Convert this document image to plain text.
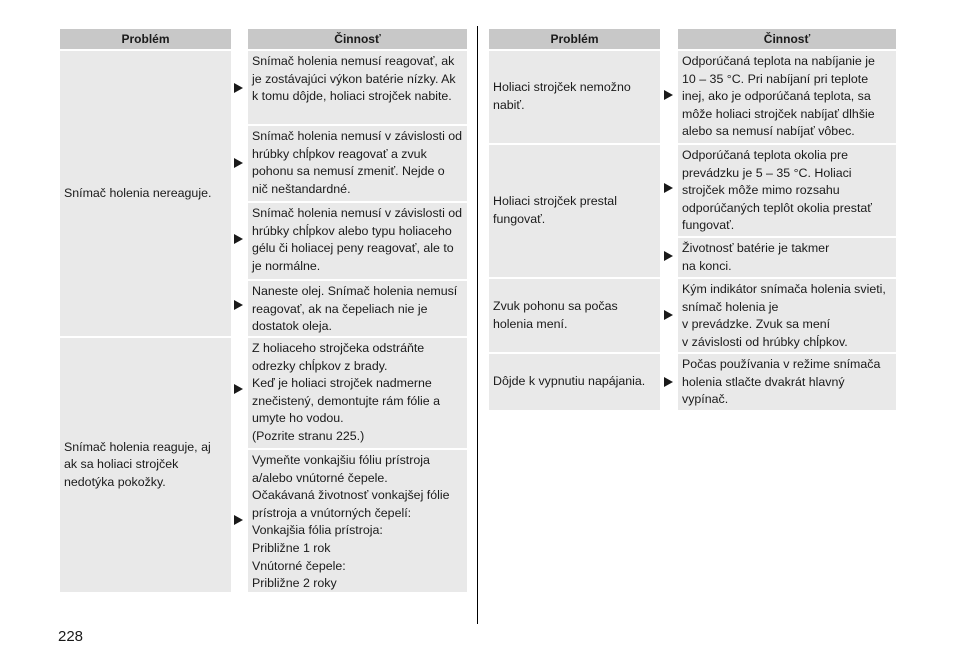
Problém	Činnosť
Snímač holenia nereaguje.
Snímač holenia reaguje, aj ak sa holiaci strojček nedotýka pokožky.
Snímač holenia nemusí reagovať, ak je zostávajúci výkon batérie nízky. Ak k tomu dôjde, holiaci strojček nabite.
Snímač holenia nemusí v závislosti od hrúbky chĺpkov reagovať a zvuk pohonu sa nemusí zmeniť. Nejde o nič neštandardné.
Snímač holenia nemusí v závislosti od hrúbky chĺpkov alebo typu holiaceho gélu či holiacej peny reagovať, ale to je normálne.
Naneste olej. Snímač holenia nemusí reagovať, ak na čepeliach nie je dostatok oleja.
Z holiaceho strojčeka odstráňte odrezky chĺpkov z brady.
Keď je holiaci strojček nadmerne znečistený, demontujte rám fólie a umyte ho vodou.
(Pozrite stranu 225.)
Vymeňte vonkajšiu fóliu prístroja a/alebo vnútorné čepele.
Očakávaná životnosť vonkajšej fólie prístroja a vnútorných čepelí:
Vonkajšia fólia prístroja:
Približne 1 rok
Vnútorné čepele:
Približne 2 roky
Problém	Činnosť
Holiaci strojček nemožno nabiť.
Holiaci strojček prestal fungovať.
Zvuk pohonu sa počas holenia mení.
Dôjde k vypnutiu napájania.
Odporúčaná teplota na nabíjanie je 10 – 35 °C. Pri nabíjaní pri teplote inej, ako je odporúčaná teplota, sa môže holiaci strojček nabíjať dlhšie alebo sa nemusí nabíjať vôbec.
Odporúčaná teplota okolia pre prevádzku je 5 – 35 °C. Holiaci strojček môže mimo rozsahu odporúčaných teplôt okolia prestať fungovať.
Životnosť batérie je takmer
na konci.
Kým indikátor snímača holenia svieti, snímač holenia je
v prevádzke. Zvuk sa mení
v závislosti od hrúbky chĺpkov.
Počas používania v režime snímača holenia stlačte dvakrát hlavný vypínač.
228
